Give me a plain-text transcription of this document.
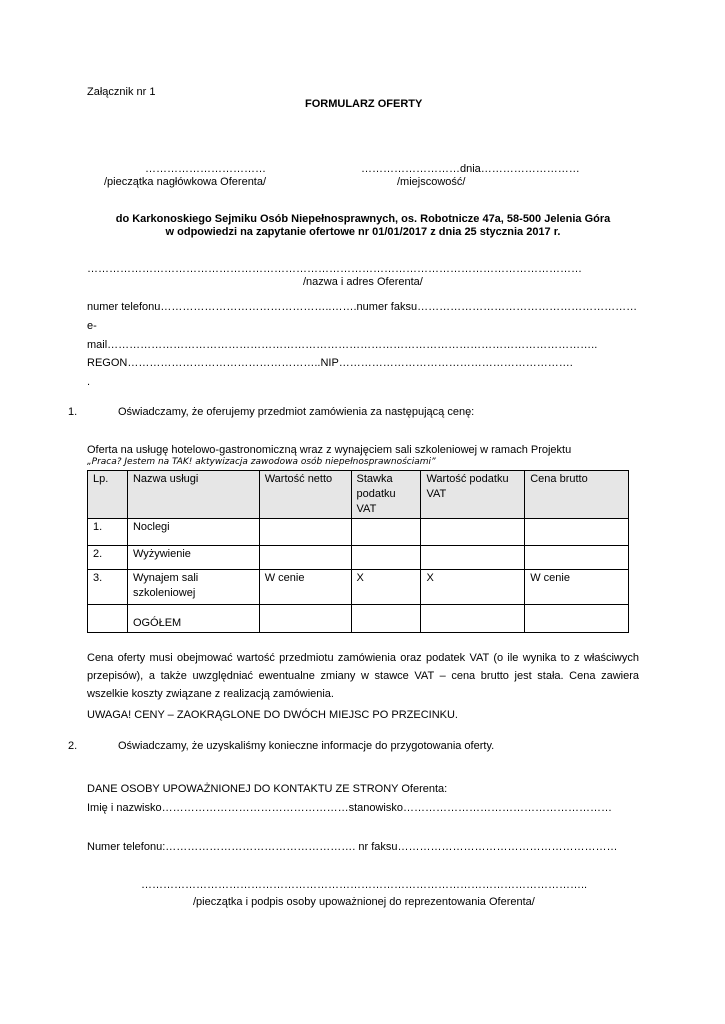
Załącznik nr 1
FORMULARZ OFERTY
……………………………	………………………dnia………………………
/pieczątka nagłówkowa Oferenta/	/miejscowość/
do Karkonoskiego Sejmiku Osób Niepełnosprawnych, os. Robotnicze 47a, 58-500 Jelenia Góra
w odpowiedzi na zapytanie ofertowe nr 01/01/2017 z dnia 25 stycznia 2017 r.
………………………………………………………………………………………………………………………
/nazwa i adres Oferenta/
numer telefonu………………………………………..…….numer faksu……………………………………………………
e-
mail……………………………………………………………………………………………………………………..
REGON……………………………………………..NIP……………………………………………………….
.
1.	Oświadczamy, że oferujemy przedmiot zamówienia za następującą cenę:
Oferta na usługę hotelowo-gastronomiczną wraz z wynajęciem sali szkoleniowej w ramach Projektu
„Praca? Jestem na TAK! aktywizacja zawodowa osób niepełnosprawnościami”
Lp.	Nazwa usługi	Wartość netto	Stawka podatku VAT	Wartość podatku VAT	Cena brutto
1.	Noclegi				
2.	Wyżywienie				
3.	Wynajem sali szkoleniowej	W cenie	X	X	W cenie
	OGÓŁEM				
Cena oferty musi obejmować wartość przedmiotu zamówienia oraz podatek VAT (o ile wynika to z właściwych przepisów), a także uwzględniać ewentualne zmiany w stawce VAT – cena brutto jest stała. Cena zawiera wszelkie koszty związane z realizacją zamówienia.
UWAGA! CENY – ZAOKRĄGLONE DO DWÓCH MIEJSC PO PRZECINKU.
2.	Oświadczamy, że uzyskaliśmy konieczne informacje do przygotowania oferty.
DANE OSOBY UPOWAŻNIONEJ DO KONTAKTU ZE STRONY Oferenta:
Imię i nazwisko……………………………………………stanowisko…………………………………………………
Numer telefonu:……………………………………………. nr faksu……………………………………………………
…………………………………………………………………………………………………………..
/pieczątka i podpis osoby upoważnionej do reprezentowania Oferenta/
